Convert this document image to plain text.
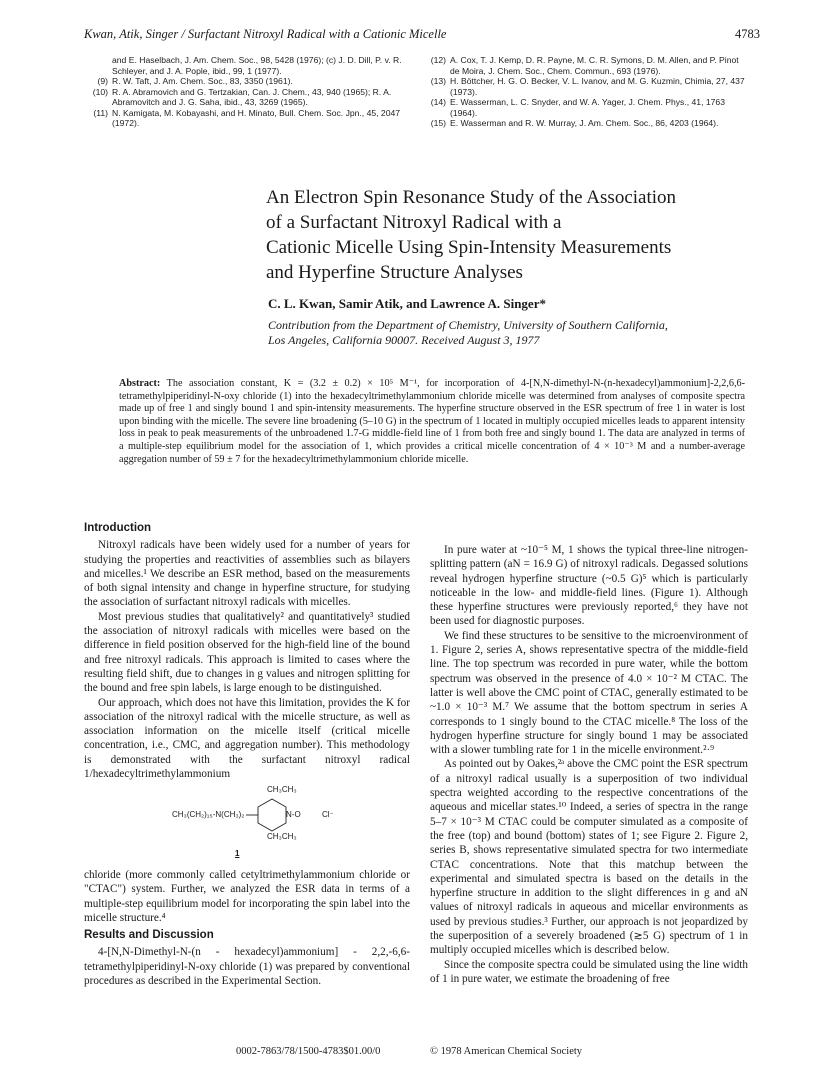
Kwan, Atik, Singer / Surfactant Nitroxyl Radical with a Cationic Micelle	4783
and E. Haselbach, J. Am. Chem. Soc., 98, 5428 (1976); (c) J. D. Dill, P. v. R. Schleyer, and J. A. Pople, ibid., 99, 1 (1977).
(9) R. W. Taft, J. Am. Chem. Soc., 83, 3350 (1961).
(10) R. A. Abramovich and G. Tertzakian, Can. J. Chem., 43, 940 (1965); R. A. Abramovitch and J. G. Saha, ibid., 43, 3269 (1965).
(11) N. Kamigata, M. Kobayashi, and H. Minato, Bull. Chem. Soc. Jpn., 45, 2047 (1972).
(12) A. Cox, T. J. Kemp, D. R. Payne, M. C. R. Symons, D. M. Allen, and P. Pinot de Moira, J. Chem. Soc., Chem. Commun., 693 (1976).
(13) H. Böttcher, H. G. O. Becker, V. L. Ivanov, and M. G. Kuzmin, Chimia, 27, 437 (1973).
(14) E. Wasserman, L. C. Snyder, and W. A. Yager, J. Chem. Phys., 41, 1763 (1964).
(15) E. Wasserman and R. W. Murray, J. Am. Chem. Soc., 86, 4203 (1964).
An Electron Spin Resonance Study of the Association
of a Surfactant Nitroxyl Radical with a
Cationic Micelle Using Spin-Intensity Measurements
and Hyperfine Structure Analyses
C. L. Kwan, Samir Atik, and Lawrence A. Singer*
Contribution from the Department of Chemistry, University of Southern California,
Los Angeles, California 90007. Received August 3, 1977
Abstract: The association constant, K = (3.2 ± 0.2) × 10⁵ M⁻¹, for incorporation of 4-[N,N-dimethyl-N-(n-hexadecyl)ammonium]-2,2,6,6-tetramethylpiperidinyl-N-oxy chloride (1) into the hexadecyltrimethylammonium chloride micelle was determined from analyses of composite spectra made up of free 1 and singly bound 1 and spin-intensity measurements. The hyperfine structure observed in the ESR spectrum of free 1 in water is lost upon binding with the micelle. The severe line broadening (5–10 G) in the spectrum of 1 located in multiply occupied micelles leads to apparent intensity loss in peak to peak measurements of the unbroadened 1.7-G middle-field line of 1 from both free and singly bound 1. The data are analyzed in terms of a multiple-step equilibrium model for the association of 1, which provides a critical micelle concentration of 4 × 10⁻³ M and a number-average aggregation number of 59 ± 7 for the hexadecyltrimethylammonium chloride micelle.
Introduction

Nitroxyl radicals have been widely used for a number of years for studying the properties and reactivities of assemblies such as bilayers and micelles.¹ We describe an ESR method, based on the measurements of both signal intensity and change in hyperfine structure, for studying the association of surfactant nitroxyl radicals with micelles.

Most previous studies that qualitatively² and quantitatively³ studied the association of nitroxyl radicals with micelles were based on the difference in field position observed for the high-field line of the bound and free nitroxyl radicals. This approach is limited to cases where the resulting field shift, due to changes in g values and nitrogen splitting for the bound and free spin labels, is large enough to be distinguished.

Our approach, which does not have this limitation, provides the K for association of the nitroxyl radical with the micelle structure, as well as association information on the micelle itself (critical micelle concentration, i.e., CMC, and aggregation number). This methodology is demonstrated with the surfactant nitroxyl radical 1/hexadecyltrimethylammonium

CH₃CH₃
CH₃(CH₂)₁₅-N(CH₃)₂	N-O	Cl⁻
CH₃CH₃
1

chloride (more commonly called cetyltrimethylammonium chloride or "CTAC") system. Further, we analyzed the ESR data in terms of a multiple-step equilibrium model for incorporating the spin label into the micelle structure.⁴

Results and Discussion

4-[N,N-Dimethyl-N-(n - hexadecyl)ammonium] - 2,2,-6,6-tetramethylpiperidinyl-N-oxy chloride (1) was prepared by conventional procedures as described in the Experimental Section.

In pure water at ~10⁻⁵ M, 1 shows the typical three-line nitrogen-splitting pattern (aN = 16.9 G) of nitroxyl radicals. Degassed solutions reveal hydrogen hyperfine structure (~0.5 G)⁵ which is particularly noticeable in the low- and middle-field lines. (Figure 1). Although these hyperfine structures were previously reported,⁶ they have not been used for diagnostic purposes.

We find these structures to be sensitive to the microenvironment of 1. Figure 2, series A, shows representative spectra of the middle-field line. The top spectrum was recorded in pure water, while the bottom spectrum was observed in the presence of 4.0 × 10⁻² M CTAC. The latter is well above the CMC point of CTAC, generally estimated to be ~1.0 × 10⁻³ M.⁷ We assume that the bottom spectrum in series A corresponds to 1 singly bound to the CTAC micelle.⁸ The loss of the hydrogen hyperfine structure for singly bound 1 may be associated with a slower tumbling rate for 1 in the micelle environment.²·⁹

As pointed out by Oakes,²ᵃ above the CMC point the ESR spectrum of a nitroxyl radical usually is a superposition of two individual spectra weighted according to the respective concentrations of the aqueous and micellar states.¹⁰ Indeed, a series of spectra in the range 5–7 × 10⁻³ M CTAC could be computer simulated as a composite of the free (top) and bound (bottom) states of 1; see Figure 2. Figure 2, series B, shows representative simulated spectra for two intermediate CTAC concentrations. Note that this matchup between the experimental and simulated spectra is based on the details in the hyperfine structure in addition to the slight differences in g and aN values of nitroxyl radicals in aqueous and micellar environments as used by previous studies.³ Further, our approach is not jeopardized by the superposition of a severely broadened (≳5 G) spectrum of 1 in multiply occupied micelles which is described below.

Since the composite spectra could be simulated using the line width of 1 in pure water, we estimate the broadening of free

0002-7863/78/1500-4783$01.00/0	© 1978 American Chemical Society
